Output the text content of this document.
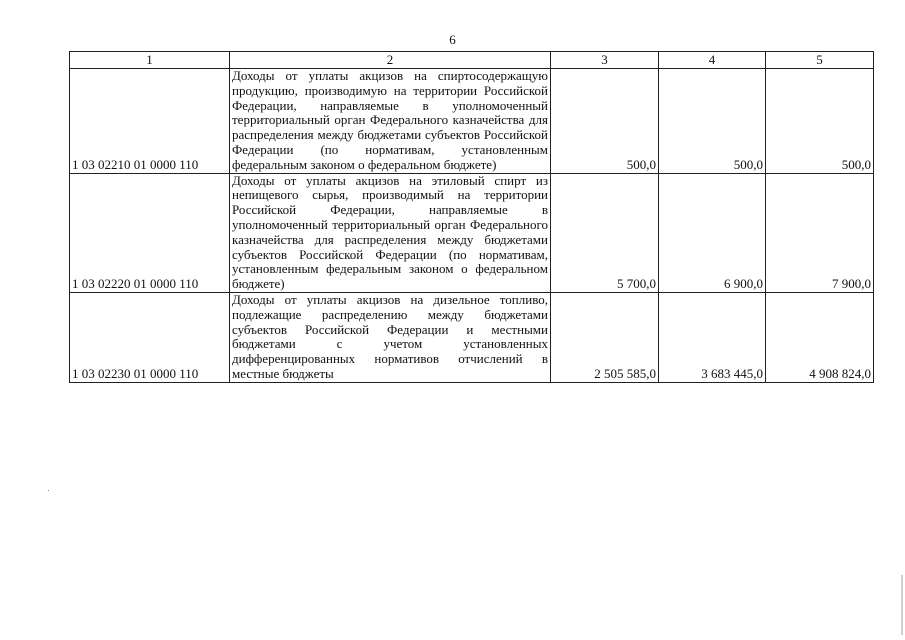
6
1	2	3	4	5
1 03 02210 01 0000 110	Доходы от уплаты акцизов на спиртосодержащую продукцию, производимую на территории Российской Федерации, направляемые в уполномоченный территориальный орган Федерального казначейства для распределения между бюджетами субъектов Российской Федерации (по нормативам, установленным федеральным законом о федеральном бюджете)	500,0	500,0	500,0
1 03 02220 01 0000 110	Доходы от уплаты акцизов на этиловый спирт из непищевого сырья, производимый на территории Российской Федерации, направляемые в уполномоченный территориальный орган Федерального казначейства для распределения между бюджетами субъектов Российской Федерации (по нормативам, установленным федеральным законом о федеральном бюджете)	5 700,0	6 900,0	7 900,0
1 03 02230 01 0000 110	Доходы от уплаты акцизов на дизельное топливо, подлежащие распределению между бюджетами субъектов Российской Федерации и местными бюджетами с учетом установленных дифференцированных нормативов отчислений в местные бюджеты	2 505 585,0	3 683 445,0	4 908 824,0
